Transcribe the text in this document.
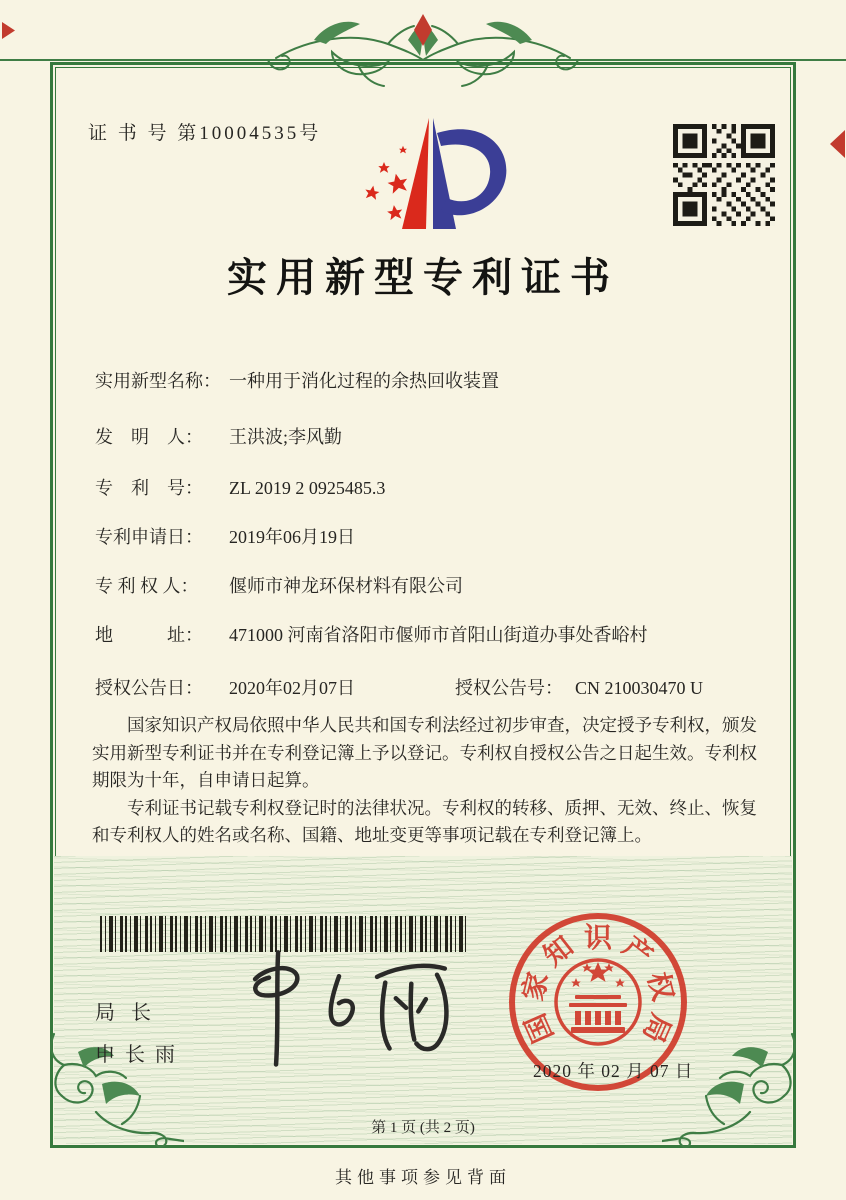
证 书 号 第10004535号
实用新型专利证书
实用新型名称： 一种用于消化过程的余热回收装置
发　明　人：	王洪波;李风勤
专　利　号：	ZL 2019 2 0925485.3
专利申请日：	2019年06月19日
专 利 权 人：	偃师市神龙环保材料有限公司
地　　　址：	471000 河南省洛阳市偃师市首阳山街道办事处香峪村
授权公告日：	2020年02月07日	授权公告号： CN 210030470 U

国家知识产权局依照中华人民共和国专利法经过初步审查，决定授予专利权，颁发实用新型专利证书并在专利登记簿上予以登记。专利权自授权公告之日起生效。专利权期限为十年，自申请日起算。

专利证书记载专利权登记时的法律状况。专利权的转移、质押、无效、终止、恢复和专利权人的姓名或名称、国籍、地址变更等事项记载在专利登记簿上。

局长
申长雨
国
家
知 识 产
权
局
2020 年 02 月 07 日
第 1 页 (共 2 页)
其他事项参见背面
